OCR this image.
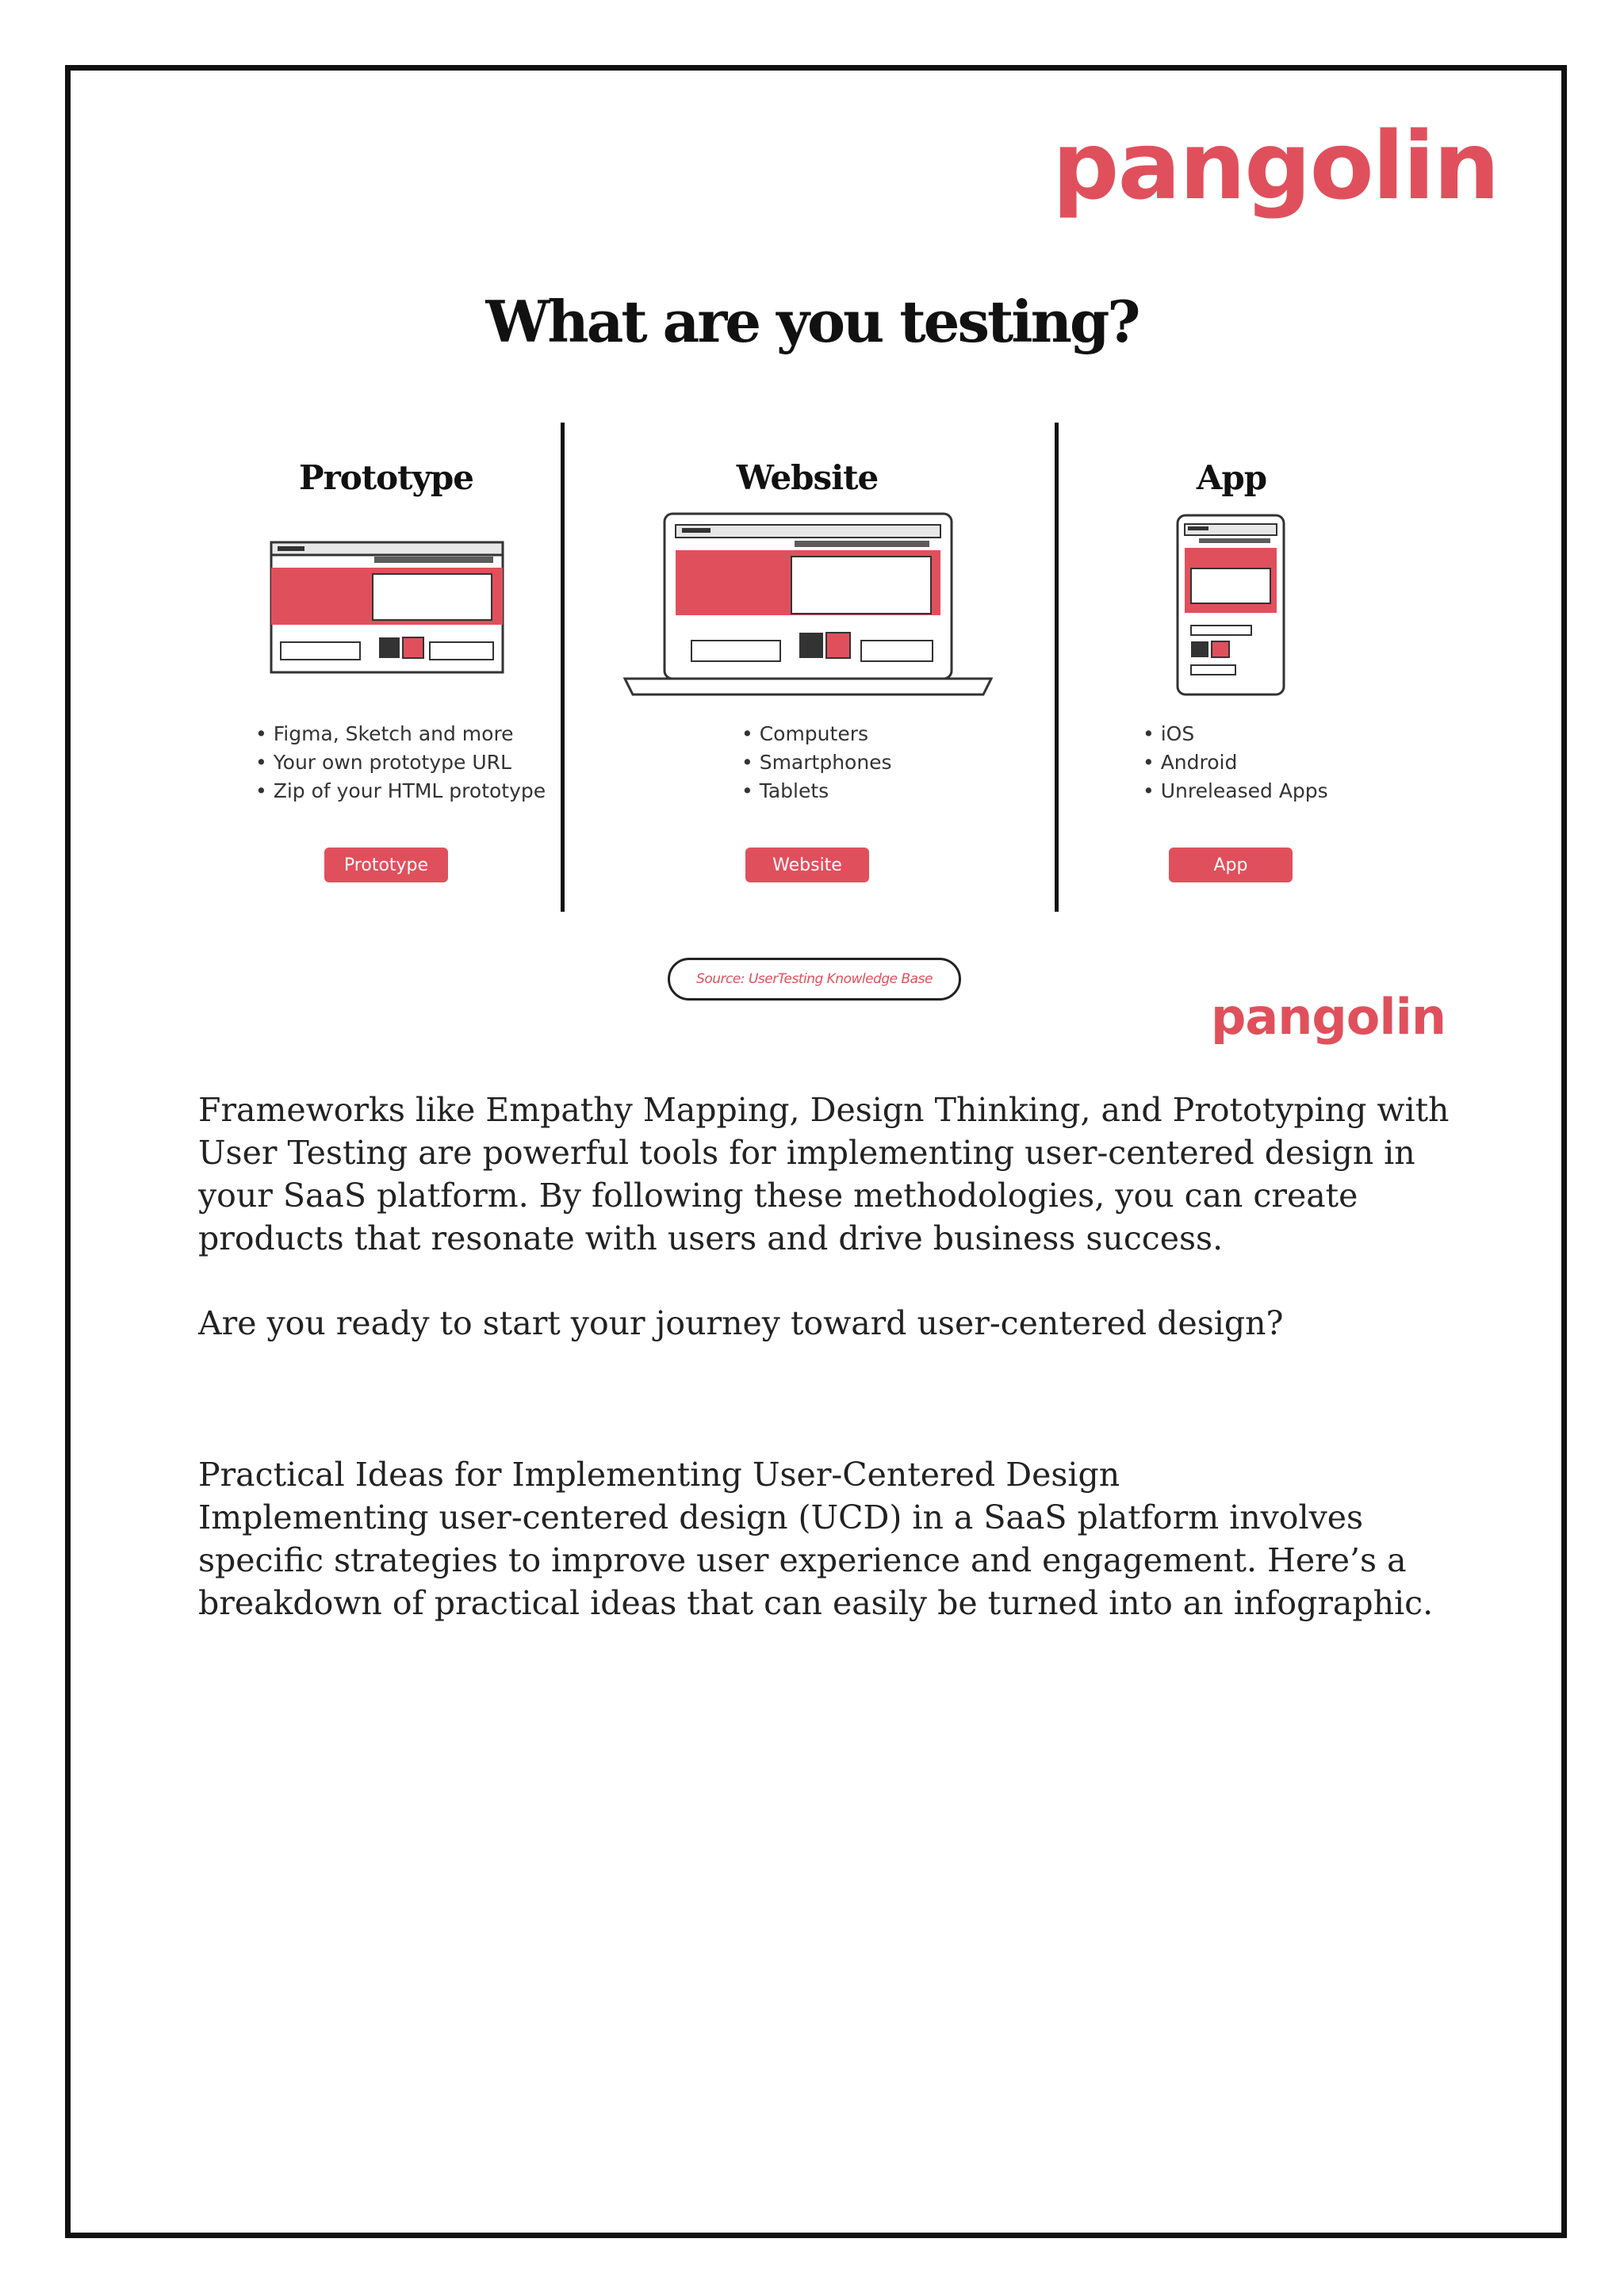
pangolin
What are you testing?
Prototype
• Figma, Sketch and more
• Your own prototype URL
• Zip of your HTML prototype
Prototype
Website
• Computers
• Smartphones
• Tablets
Website
App
• iOS
• Android
• Unreleased Apps
App
Source: UserTesting Knowledge Base
pangolin

Frameworks like Empathy Mapping, Design Thinking, and Prototyping with User Testing are powerful tools for implementing user-centered design in your SaaS platform. By following these methodologies, you can create products that resonate with users and drive business success.

Are you ready to start your journey toward user-centered design?

Practical Ideas for Implementing User-Centered Design

Implementing user-centered design (UCD) in a SaaS platform involves specific strategies to improve user experience and engagement. Here’s a breakdown of practical ideas that can easily be turned into an infographic.
